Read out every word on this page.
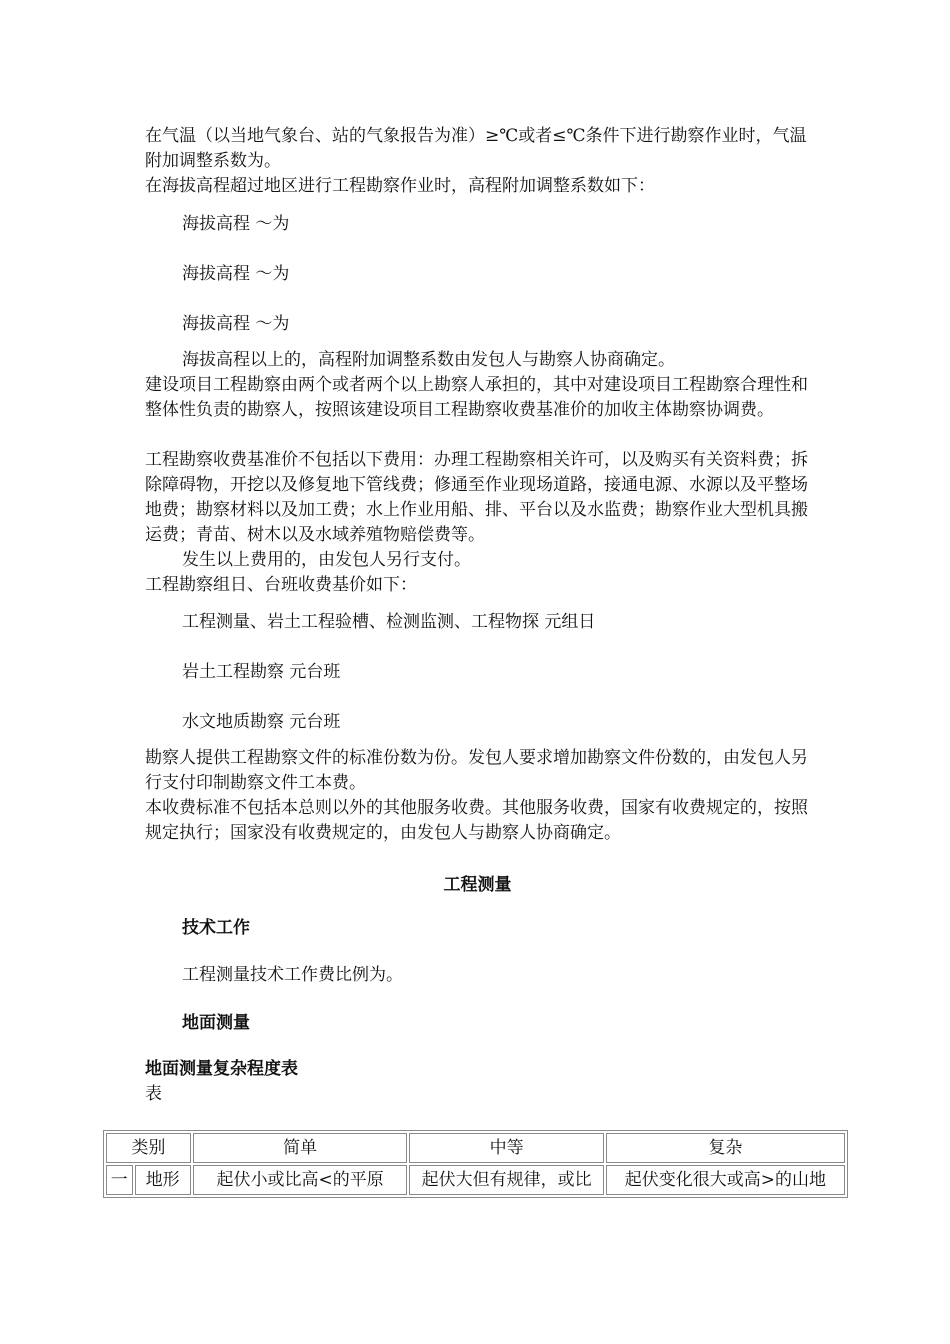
在气温（以当地气象台、站的气象报告为准）≥℃或者≤℃条件下进行勘察作业时，气温附加调整系数为。

在海拔高程超过地区进行工程勘察作业时，高程附加调整系数如下：

海拔高程 ～为

海拔高程 ～为

海拔高程 ～为

海拔高程以上的，高程附加调整系数由发包人与勘察人协商确定。

建设项目工程勘察由两个或者两个以上勘察人承担的，其中对建设项目工程勘察合理性和整体性负责的勘察人，按照该建设项目工程勘察收费基准价的加收主体勘察协调费。

工程勘察收费基准价不包括以下费用：办理工程勘察相关许可，以及购买有关资料费；拆除障碍物，开挖以及修复地下管线费；修通至作业现场道路，接通电源、水源以及平整场地费；勘察材料以及加工费；水上作业用船、排、平台以及水监费；勘察作业大型机具搬运费；青苗、树木以及水域养殖物赔偿费等。

发生以上费用的，由发包人另行支付。

工程勘察组日、台班收费基价如下：

工程测量、岩土工程验槽、检测监测、工程物探 元组日

岩土工程勘察 元台班

水文地质勘察 元台班

勘察人提供工程勘察文件的标准份数为份。发包人要求增加勘察文件份数的，由发包人另行支付印制勘察文件工本费。

本收费标准不包括本总则以外的其他服务收费。其他服务收费，国家有收费规定的，按照规定执行；国家没有收费规定的，由发包人与勘察人协商确定。

工程测量
技术工作

工程测量技术工作费比例为。

地面测量
地面测量复杂程度表
表
类别		简单	中等	复杂
一	地形	起伏小或比高<的平原	起伏大但有规律，或比	起伏变化很大或高>的山地
